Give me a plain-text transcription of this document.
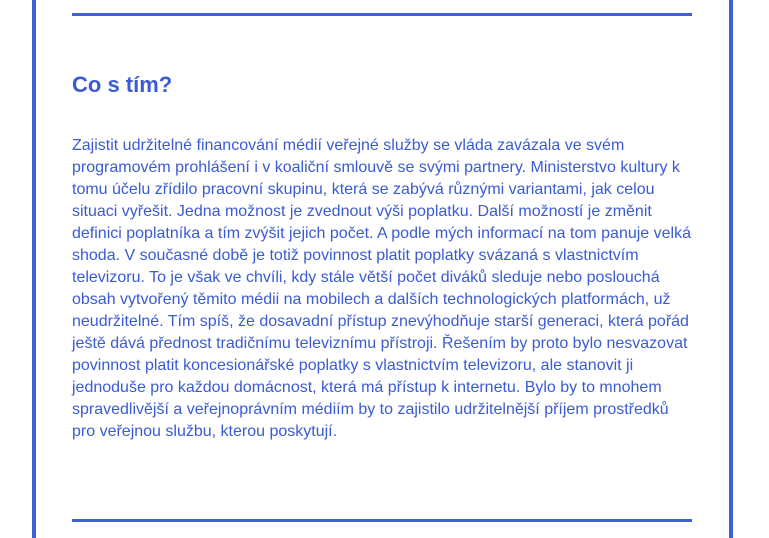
Co s tím?

Zajistit udržitelné financování médií veřejné služby se vláda zavázala ve svém programovém prohlášení i v koaliční smlouvě se svými partnery. Ministerstvo kultury k tomu účelu zřídilo pracovní skupinu, která se zabývá různými variantami, jak celou situaci vyřešit. Jedna možnost je zvednout výši poplatku. Další možností je změnit definici poplatníka a tím zvýšit jejich počet. A podle mých informací na tom panuje velká shoda. V současné době je totiž povinnost platit poplatky svázaná s vlastnictvím televizoru. To je však ve chvíli, kdy stále větší počet diváků sleduje nebo poslouchá obsah vytvořený těmito médii na mobilech a dalších technologických platformách, už neudržitelné. Tím spíš, že dosavadní přístup znevýhodňuje starší generaci, která pořád ještě dává přednost tradičnímu televiznímu přístroji. Řešením by proto bylo nesvazovat povinnost platit koncesionářské poplatky s vlastnictvím televizoru, ale stanovit ji jednoduše pro každou domácnost, která má přístup k internetu. Bylo by to mnohem spravedlivější a veřejnoprávním médiím by to zajistilo udržitelnější příjem prostředků pro veřejnou službu, kterou poskytují.
